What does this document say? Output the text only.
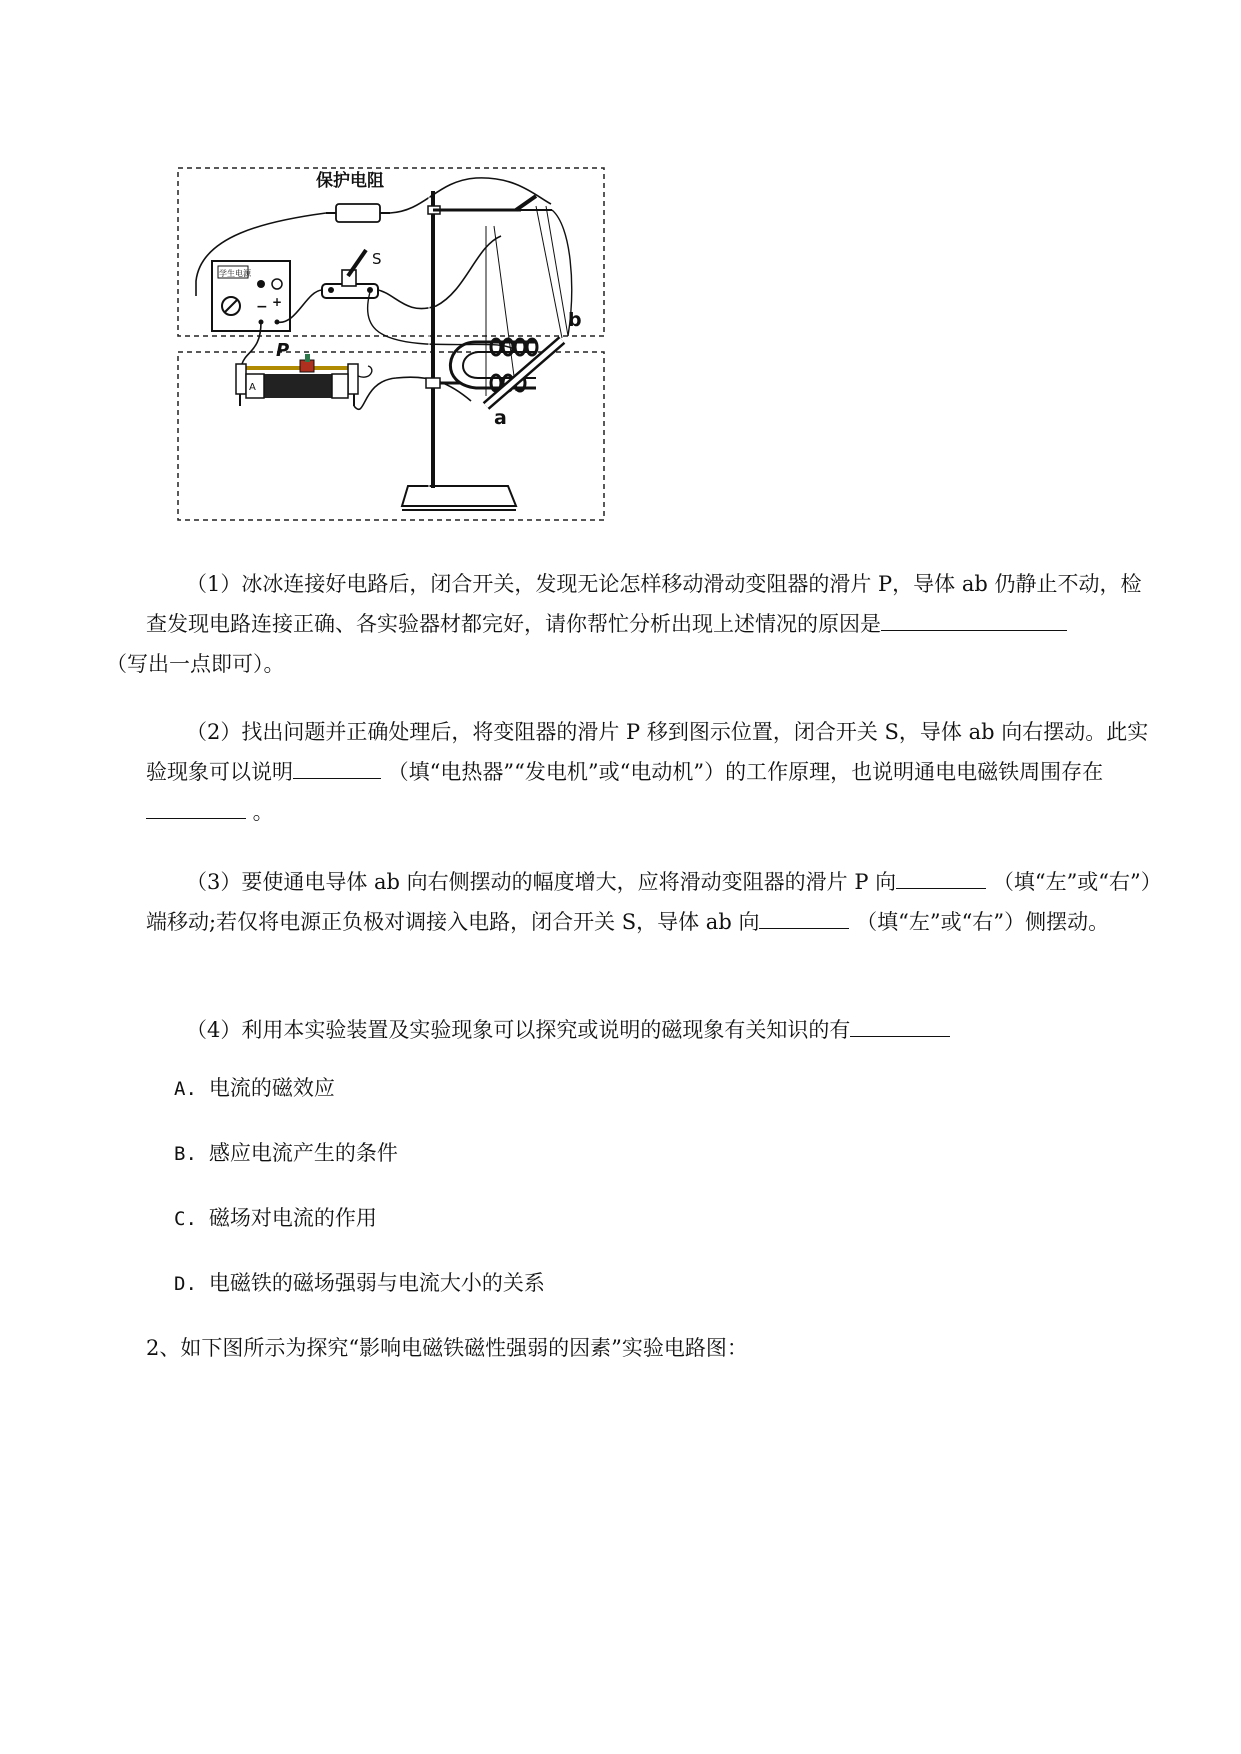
保护电阻
学生电源
− +
S
P
A
b
a

（1）冰冰连接好电路后，闭合开关，发现无论怎样移动滑动变阻器的滑片 P，导体 ab 仍静止不动，检查发现电路连接正确、各实验器材都完好，请你帮忙分析出现上述情况的原因是
（写出一点即可）。

（2）找出问题并正确处理后，将变阻器的滑片 P 移到图示位置，闭合开关 S，导体 ab 向右摆动。此实验现象可以说明	（填“电热器”“发电机”或“电动机”）的工作原理，也说明通电电磁铁周围存在 。

（3）要使通电导体 ab 向右侧摆动的幅度增大，应将滑动变阻器的滑片 P 向	（填“左”或“右”）端移动;若仅将电源正负极对调接入电路，闭合开关 S，导体 ab 向	（填“左”或“右”）侧摆动。

（4）利用本实验装置及实验现象可以探究或说明的磁现象有关知识的有

A. 电流的磁效应
B. 感应电流产生的条件
C. 磁场对电流的作用
D. 电磁铁的磁场强弱与电流大小的关系

2、如下图所示为探究“影响电磁铁磁性强弱的因素”实验电路图：
